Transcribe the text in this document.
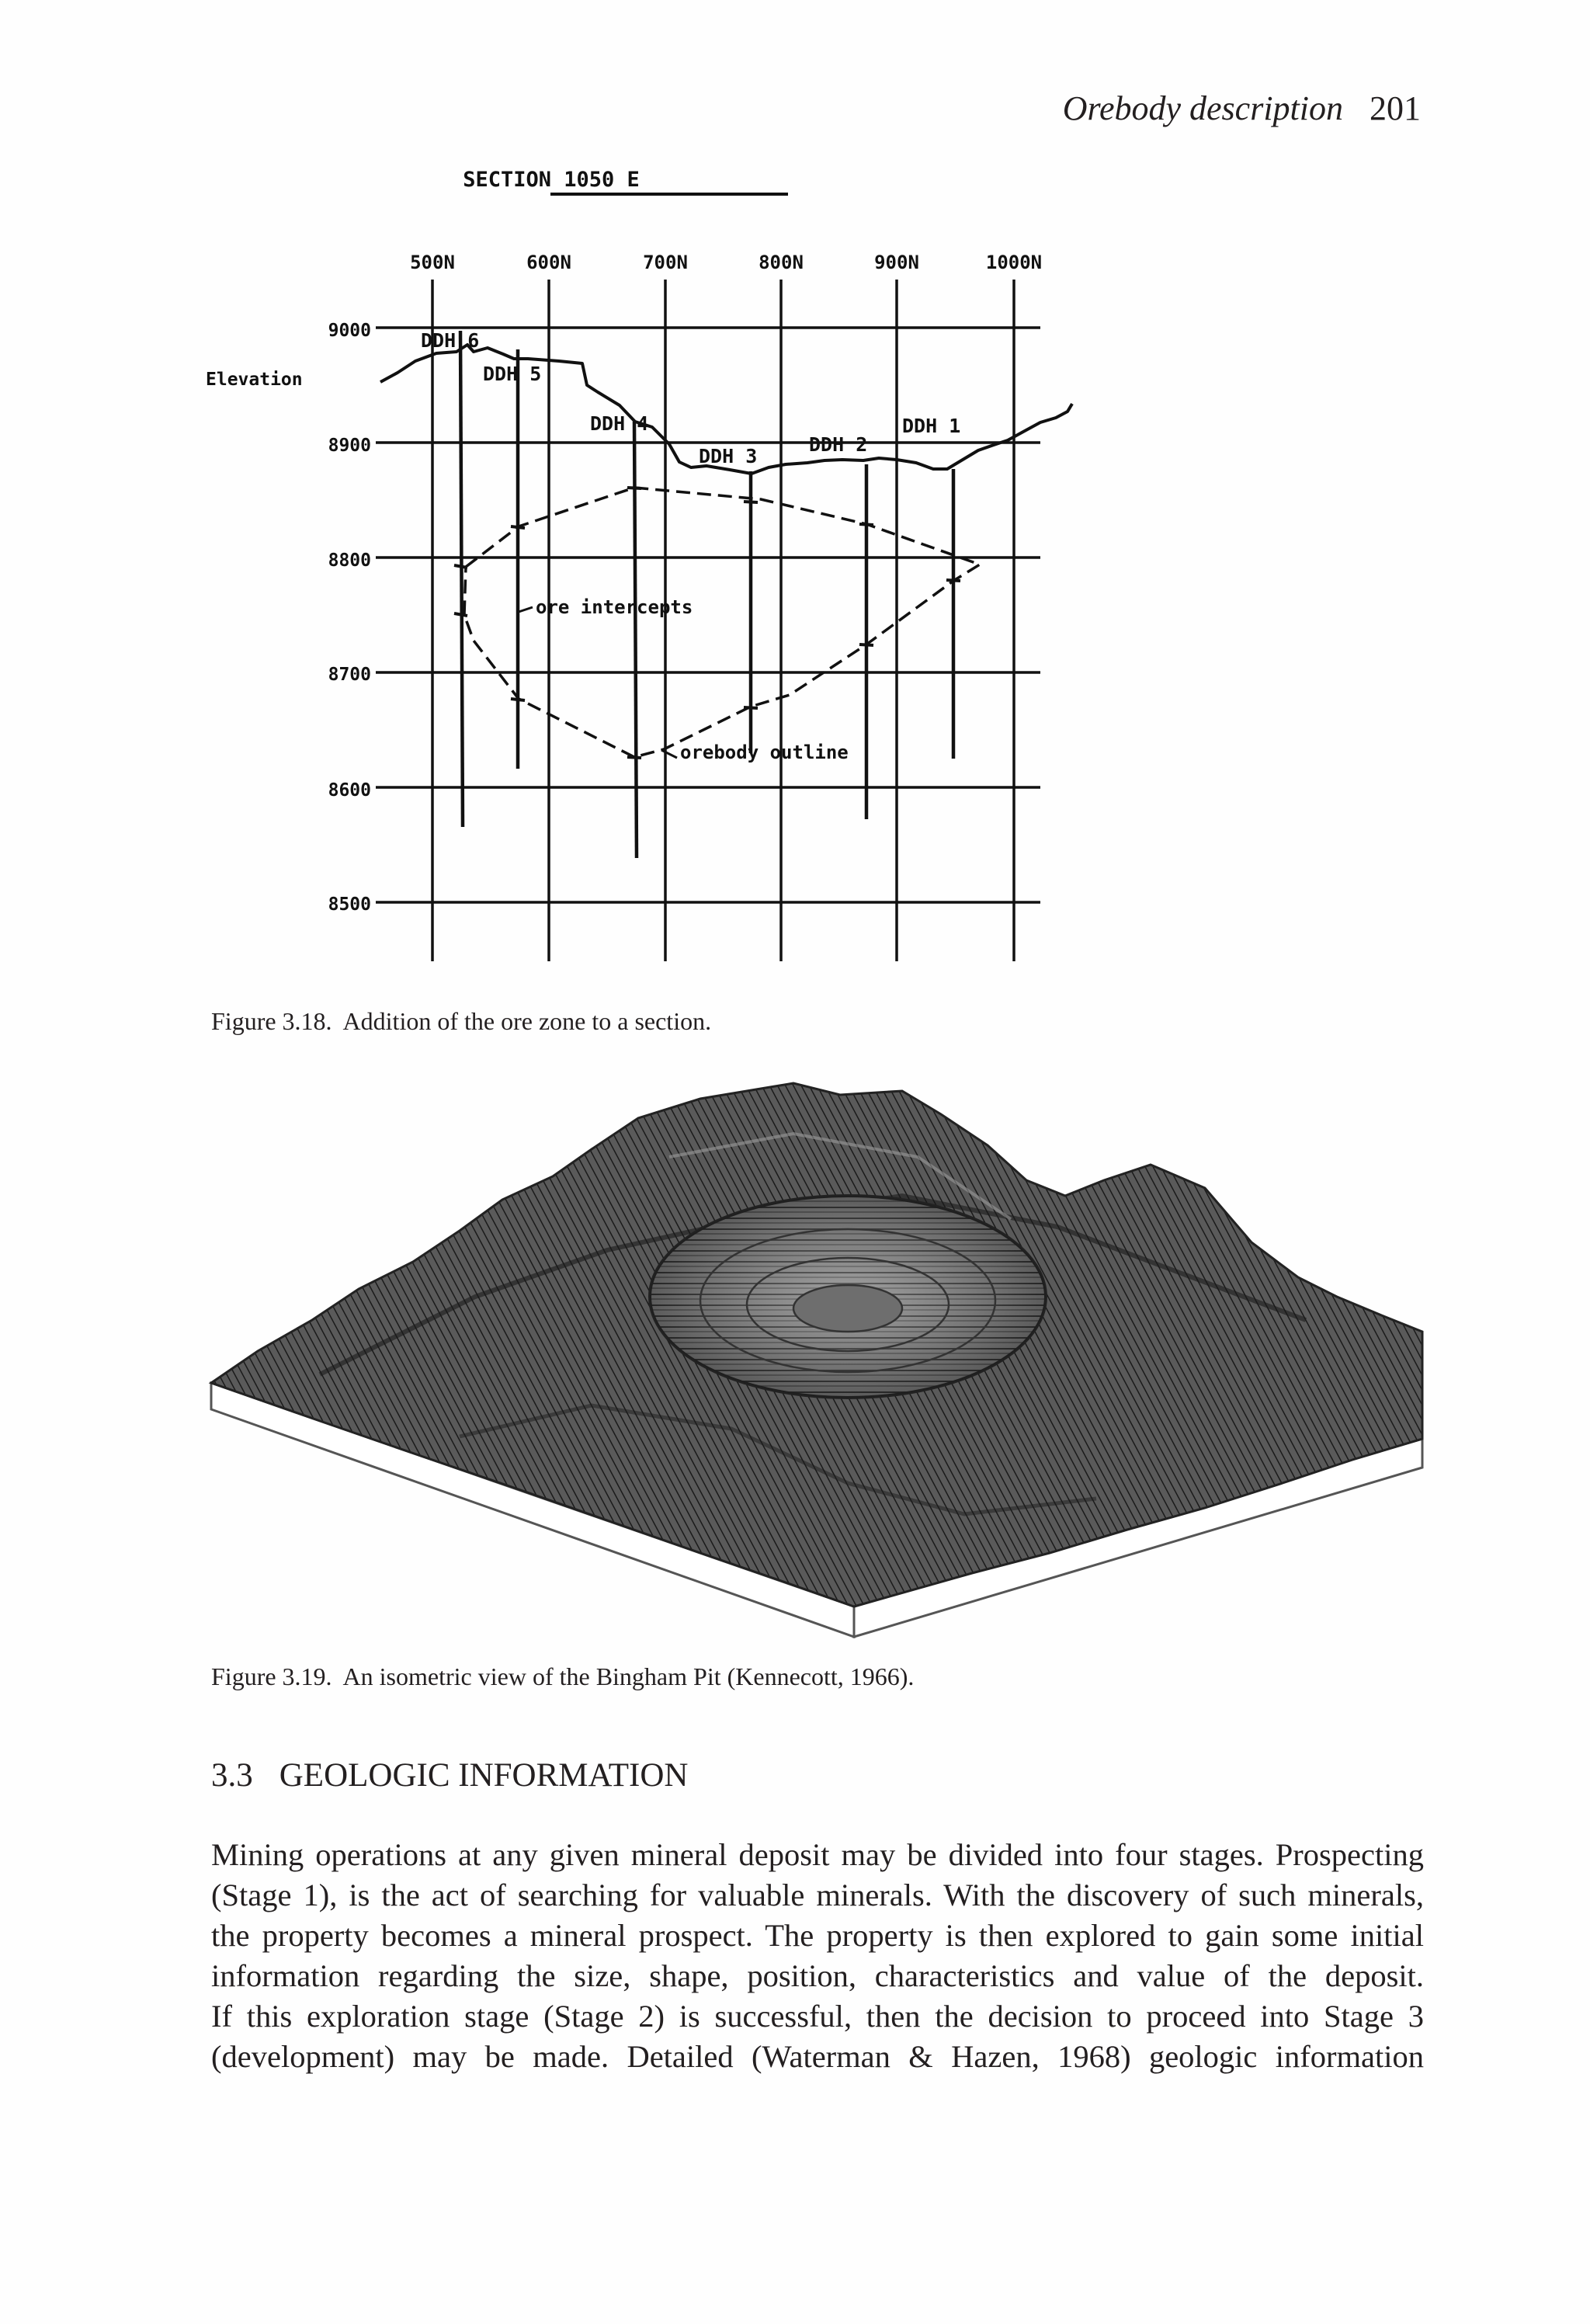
Orebody description 201
SECTION 1050 E
500N	600N	700N	800N	900N	1000N
9000
8900
8800
8700
8600
8500
Elevation
DDH 6
DDH 5
DDH 4
DDH 3
DDH 2
DDH 1
ore intercepts
orebody outline
Figure 3.18. Addition of the ore zone to a section.
Figure 3.19. An isometric view of the Bingham Pit (Kennecott, 1966).
3.3 GEOLOGIC INFORMATION
Mining operations at any given mineral deposit may be divided into four stages. Prospecting
(Stage 1), is the act of searching for valuable minerals. With the discovery of such minerals,
the property becomes a mineral prospect. The property is then explored to gain some initial
information regarding the size, shape, position, characteristics and value of the deposit.
If this exploration stage (Stage 2) is successful, then the decision to proceed into Stage 3
(development) may be made. Detailed (Waterman & Hazen, 1968) geologic information
